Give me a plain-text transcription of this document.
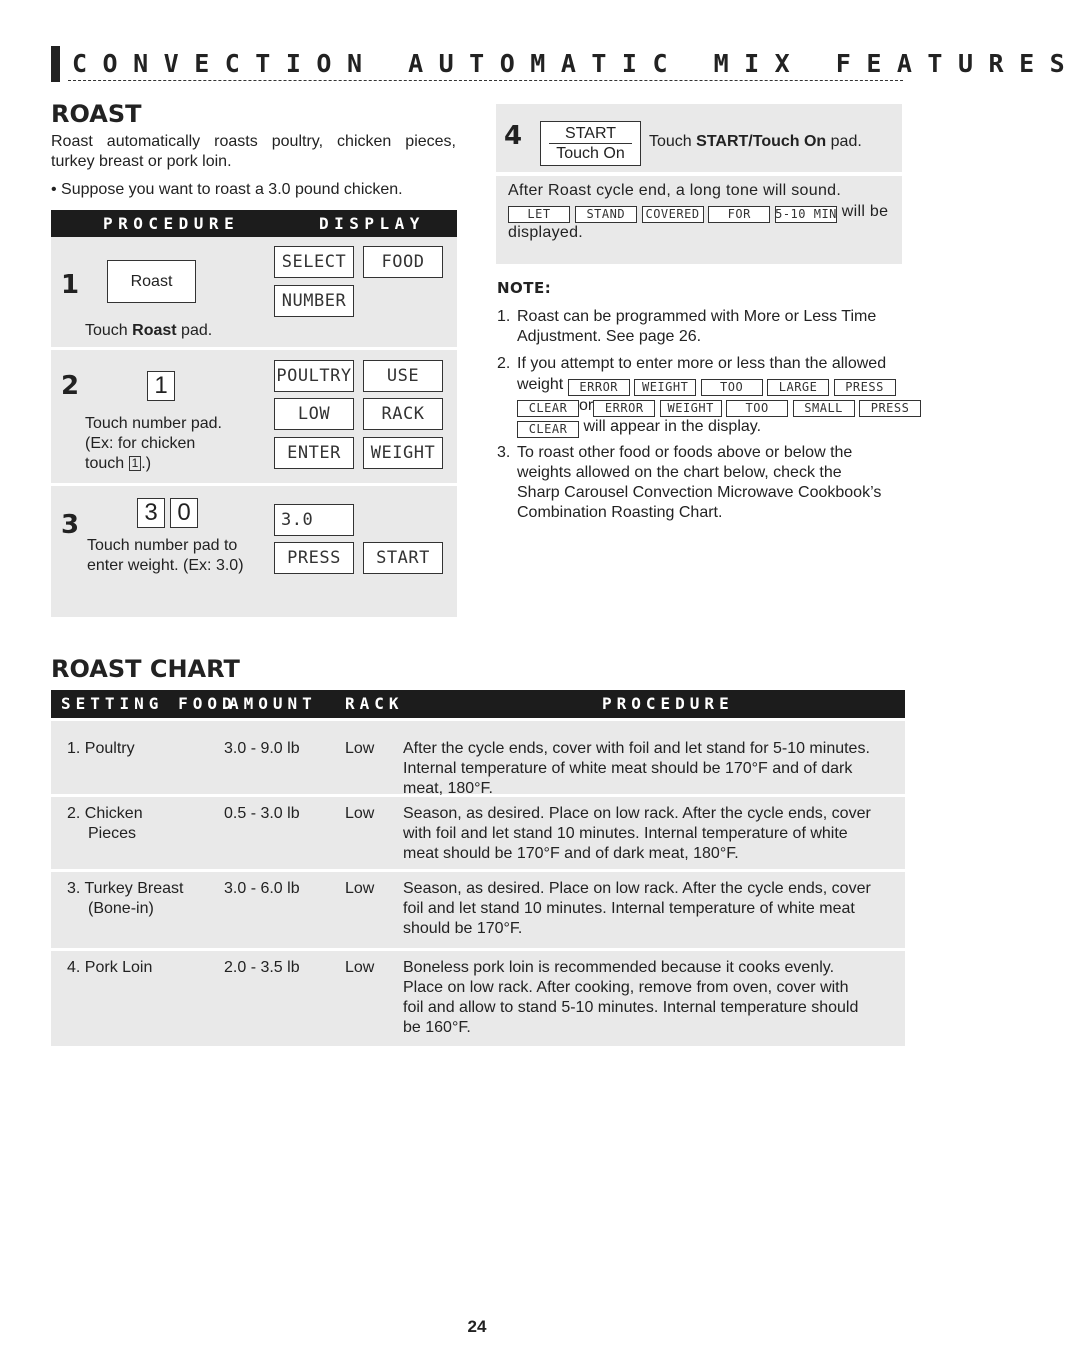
CONVECTION AUTOMATIC MIX FEATURES
ROAST
Roast automatically roasts poultry, chicken pieces, turkey breast or pork loin.
• Suppose you want to roast a 3.0 pound chicken.
PROCEDURE	DISPLAY
1	Roast
Touch Roast pad.
SELECT	FOOD
NUMBER
2	1
Touch number pad.
(Ex: for chicken
touch 1 .)
POULTRY	USE
LOW	RACK
ENTER	WEIGHT
3	3 0
Touch number pad to
enter weight. (Ex: 3.0)
3.0
PRESS	START
4	START
Touch On
Touch START/Touch On pad.
After Roast cycle end, a long tone will sound.
LET	STAND COVERED FOR 5-10 MIN will be
displayed.
NOTE:
1. Roast can be programmed with More or Less Time
Adjustment. See page 26.
2. If you attempt to enter more or less than the allowed
weight ERROR WEIGHT	TOO	LARGE PRESS
CLEAR or ERROR WEIGHT	TOO	SMALL PRESS
CLEAR will appear in the display.
3. To roast other food or foods above or below the
weights allowed on the chart below, check the
Sharp Carousel Convection Microwave Cookbook’s
Combination Roasting Chart.
ROAST CHART
SETTING FOOD
AMOUNT RACK	PROCEDURE
1. Poultry	3.0 - 9.0 lb	Low After the cycle ends, cover with foil and let stand for 5-10 minutes.
Internal temperature of white meat should be 170°F and of dark
meat, 180°F.
2. Chicken
Pieces
0.5 - 3.0 lb	Low Season, as desired. Place on low rack. After the cycle ends, cover
with foil and let stand 10 minutes. Internal temperature of white
meat should be 170°F and of dark meat, 180°F.
3. Turkey Breast
(Bone-in)
3.0 - 6.0 lb	Low Season, as desired. Place on low rack. After the cycle ends, cover
foil and let stand 10 minutes. Internal temperature of white meat
should be 170°F.
4. Pork Loin	2.0 - 3.5 lb	Low Boneless pork loin is recommended because it cooks evenly.
Place on low rack. After cooking, remove from oven, cover with
foil and allow to stand 5-10 minutes. Internal temperature should
be 160°F.
24
